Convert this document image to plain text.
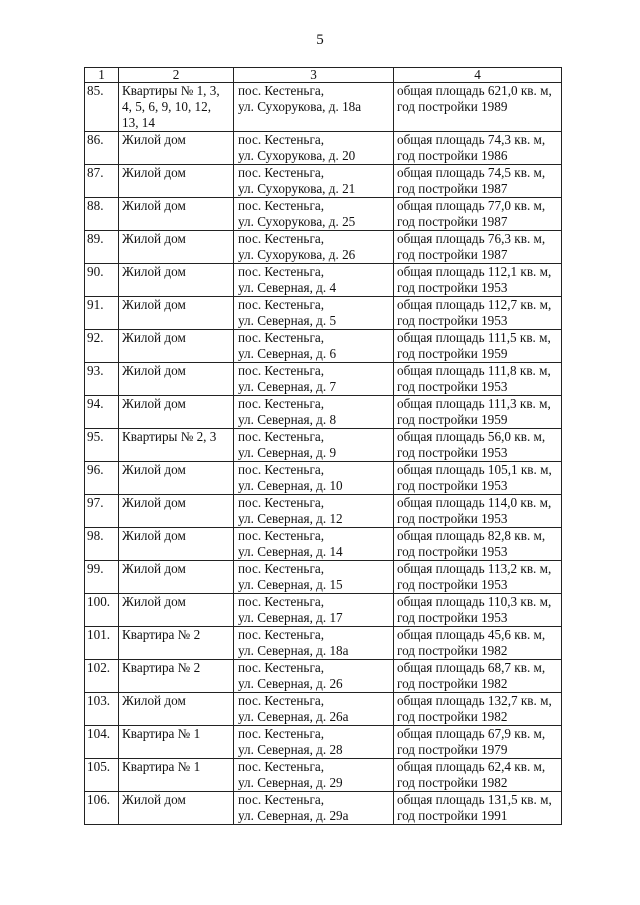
5
1	2	3	4
85.	Квартиры № 1, 3, 4, 5, 6, 9, 10, 12, 13, 14	пос. Кестеньга,
ул. Сухорукова, д. 18а	общая площадь 621,0 кв. м,
год постройки 1989

86.	Жилой дом	пос. Кестеньга,
ул. Сухорукова, д. 20	общая площадь 74,3 кв. м,
год постройки 1986

87.	Жилой дом	пос. Кестеньга,
ул. Сухорукова, д. 21	общая площадь 74,5 кв. м,
год постройки 1987

88.	Жилой дом	пос. Кестеньга,
ул. Сухорукова, д. 25	общая площадь 77,0 кв. м,
год постройки 1987

89.	Жилой дом	пос. Кестеньга,
ул. Сухорукова, д. 26	общая площадь 76,3 кв. м,
год постройки 1987

90.	Жилой дом	пос. Кестеньга,
ул. Северная, д. 4	общая площадь 112,1 кв. м,
год постройки 1953

91.	Жилой дом	пос. Кестеньга,
ул. Северная, д. 5	общая площадь 112,7 кв. м,
год постройки 1953

92.	Жилой дом	пос. Кестеньга,
ул. Северная, д. 6	общая площадь 111,5 кв. м,
год постройки 1959

93.	Жилой дом	пос. Кестеньга,
ул. Северная, д. 7	общая площадь 111,8 кв. м,
год постройки 1953

94.	Жилой дом	пос. Кестеньга,
ул. Северная, д. 8	общая площадь 111,3 кв. м,
год постройки 1959

95.	Квартиры № 2, 3	пос. Кестеньга,
ул. Северная, д. 9	общая площадь 56,0 кв. м,
год постройки 1953

96.	Жилой дом	пос. Кестеньга,
ул. Северная, д. 10	общая площадь 105,1 кв. м,
год постройки 1953

97.	Жилой дом	пос. Кестеньга,
ул. Северная, д. 12	общая площадь 114,0 кв. м,
год постройки 1953

98.	Жилой дом	пос. Кестеньга,
ул. Северная, д. 14	общая площадь 82,8 кв. м,
год постройки 1953

99.	Жилой дом	пос. Кестеньга,
ул. Северная, д. 15	общая площадь 113,2 кв. м,
год постройки 1953

100.	Жилой дом	пос. Кестеньга,
ул. Северная, д. 17	общая площадь 110,3 кв. м,
год постройки 1953

101.	Квартира № 2	пос. Кестеньга,
ул. Северная, д. 18а	общая площадь 45,6 кв. м,
год постройки 1982

102.	Квартира № 2	пос. Кестеньга,
ул. Северная, д. 26	общая площадь 68,7 кв. м,
год постройки 1982

103.	Жилой дом	пос. Кестеньга,
ул. Северная, д. 26а	общая площадь 132,7 кв. м,
год постройки 1982

104.	Квартира № 1	пос. Кестеньга,
ул. Северная, д. 28	общая площадь 67,9 кв. м,
год постройки 1979

105.	Квартира № 1	пос. Кестеньга,
ул. Северная, д. 29	общая площадь 62,4 кв. м,
год постройки 1982

106.	Жилой дом	пос. Кестеньга,
ул. Северная, д. 29а	общая площадь 131,5 кв. м,
год постройки 1991
